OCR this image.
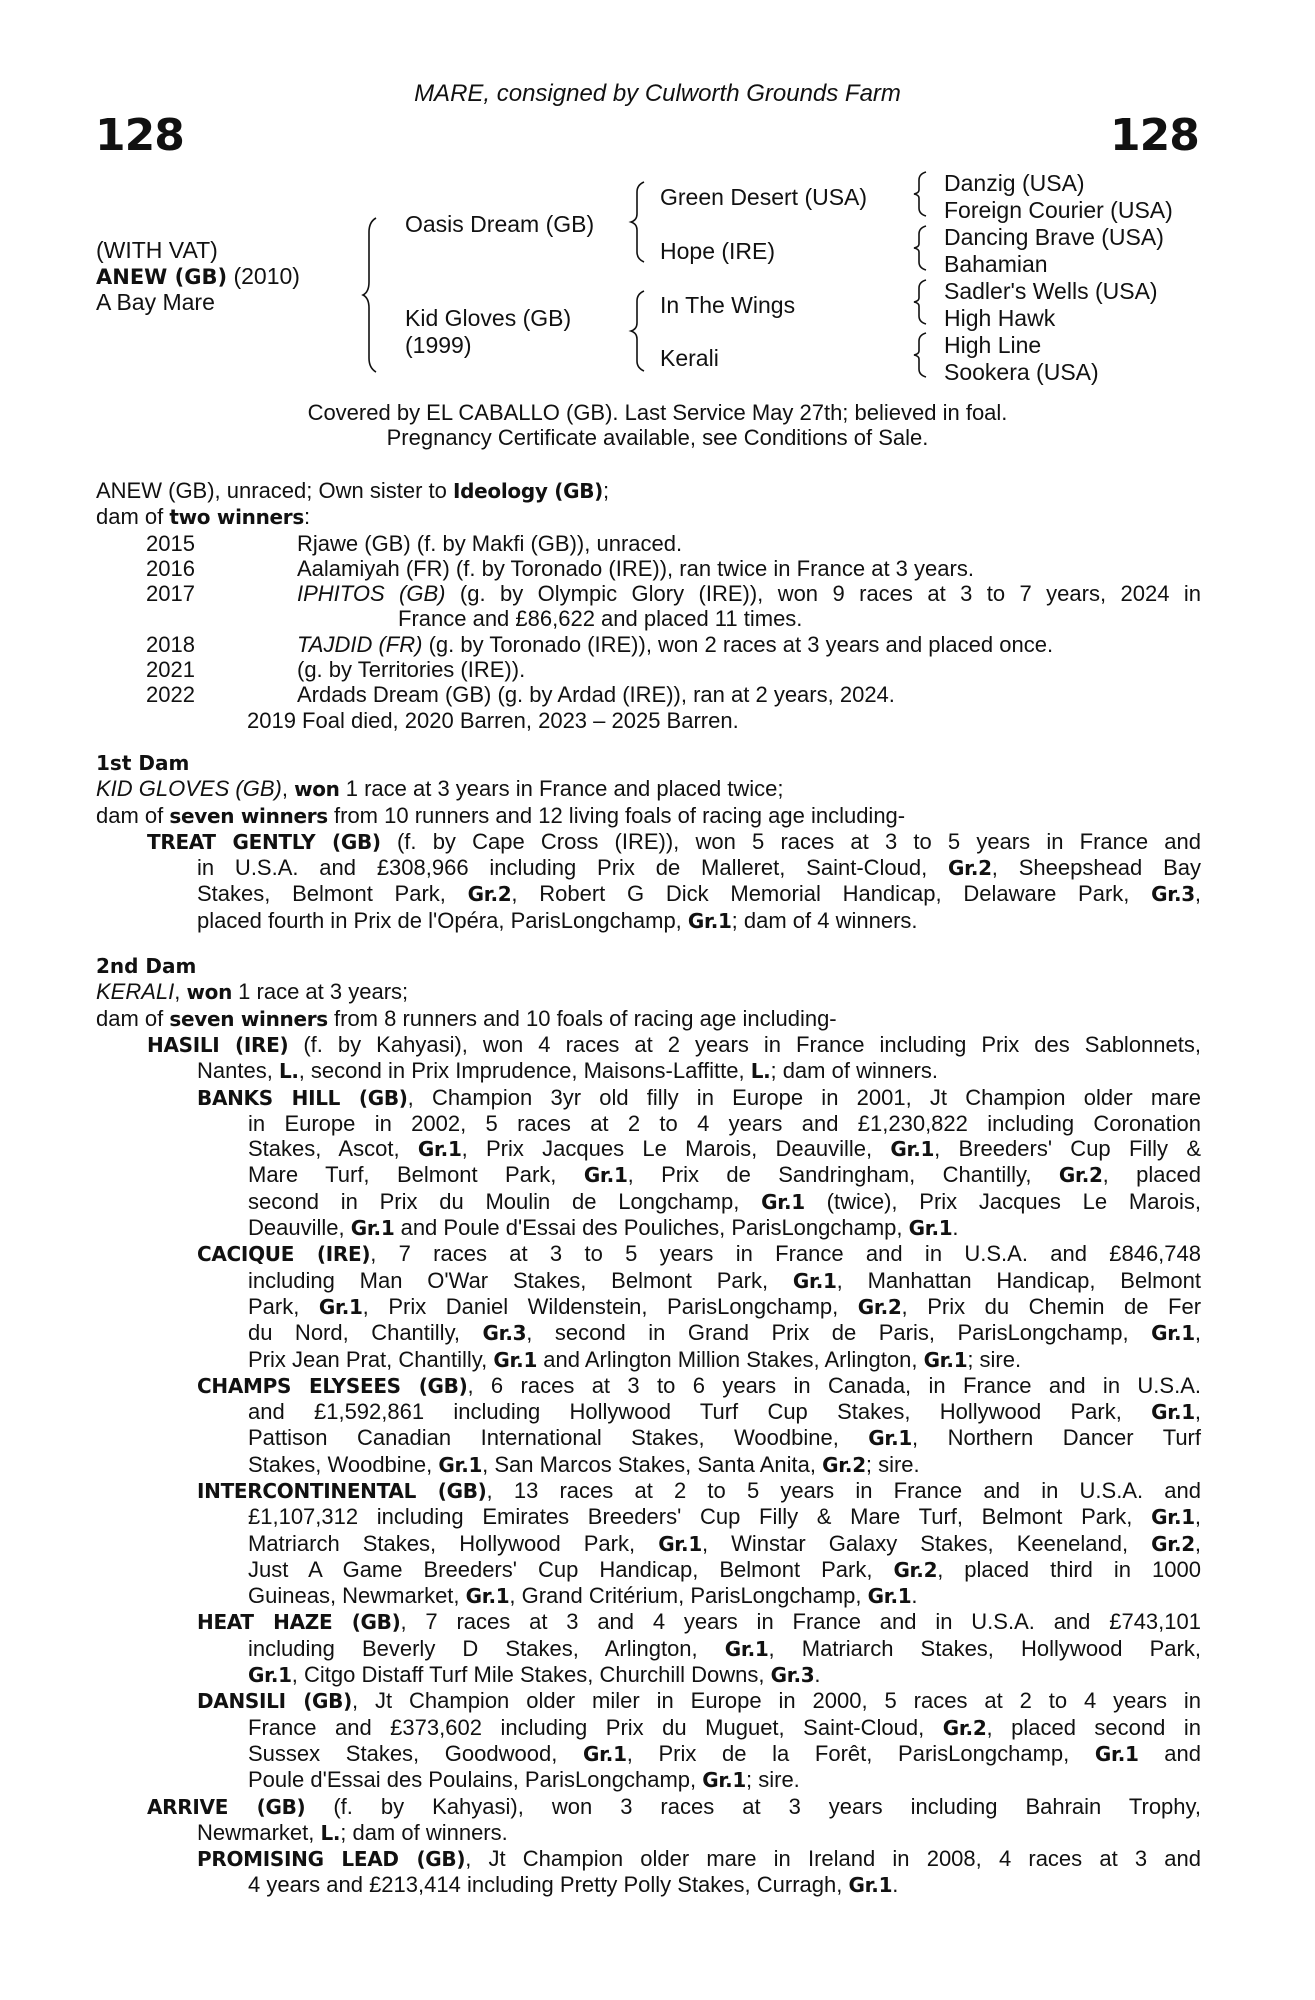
MARE, consigned by Culworth Grounds Farm
128	128
(WITH VAT)
ANEW (GB) (2010)
A Bay Mare
Oasis Dream (GB)
Kid Gloves (GB)
(1999)
Green Desert (USA)
Hope (IRE)
In The Wings
Kerali
Danzig (USA)
Foreign Courier (USA)
Dancing Brave (USA)
Bahamian
Sadler's Wells (USA)
High Hawk
High Line
Sookera (USA)
Covered by EL CABALLO (GB). Last Service May 27th; believed in foal.
Pregnancy Certificate available, see Conditions of Sale.
ANEW (GB), unraced; Own sister to Ideology (GB);
dam of two winners:
2015	Rjawe (GB) (f. by Makfi (GB)), unraced.
2016	Aalamiyah (FR) (f. by Toronado (IRE)), ran twice in France at 3 years.
2017	IPHITOS (GB) (g. by Olympic Glory (IRE)), won 9 races at 3 to 7 years, 2024 in
France and £86,622 and placed 11 times.
2018	TAJDID (FR) (g. by Toronado (IRE)), won 2 races at 3 years and placed once.
2021	(g. by Territories (IRE)).
2022	Ardads Dream (GB) (g. by Ardad (IRE)), ran at 2 years, 2024.
2019 Foal died, 2020 Barren, 2023 – 2025 Barren.
1st Dam
KID GLOVES (GB), won 1 race at 3 years in France and placed twice;
dam of seven winners from 10 runners and 12 living foals of racing age including-
TREAT GENTLY (GB) (f. by Cape Cross (IRE)), won 5 races at 3 to 5 years in France and
in U.S.A. and £308,966 including Prix de Malleret, Saint-Cloud, Gr.2, Sheepshead Bay
Stakes, Belmont Park, Gr.2, Robert G Dick Memorial Handicap, Delaware Park, Gr.3,
placed fourth in Prix de l'Opéra, ParisLongchamp, Gr.1; dam of 4 winners.
2nd Dam
KERALI, won 1 race at 3 years;
dam of seven winners from 8 runners and 10 foals of racing age including-
HASILI (IRE) (f. by Kahyasi), won 4 races at 2 years in France including Prix des Sablonnets,
Nantes, L., second in Prix Imprudence, Maisons-Laffitte, L.; dam of winners.
BANKS HILL (GB), Champion 3yr old filly in Europe in 2001, Jt Champion older mare
in Europe in 2002, 5 races at 2 to 4 years and £1,230,822 including Coronation
Stakes, Ascot, Gr.1, Prix Jacques Le Marois, Deauville, Gr.1, Breeders' Cup Filly &
Mare Turf, Belmont Park, Gr.1, Prix de Sandringham, Chantilly, Gr.2, placed
second in Prix du Moulin de Longchamp, Gr.1 (twice), Prix Jacques Le Marois,
Deauville, Gr.1 and Poule d'Essai des Pouliches, ParisLongchamp, Gr.1.
CACIQUE (IRE), 7 races at 3 to 5 years in France and in U.S.A. and £846,748
including Man O'War Stakes, Belmont Park, Gr.1, Manhattan Handicap, Belmont
Park, Gr.1, Prix Daniel Wildenstein, ParisLongchamp, Gr.2, Prix du Chemin de Fer
du Nord, Chantilly, Gr.3, second in Grand Prix de Paris, ParisLongchamp, Gr.1,
Prix Jean Prat, Chantilly, Gr.1 and Arlington Million Stakes, Arlington, Gr.1; sire.
CHAMPS ELYSEES (GB), 6 races at 3 to 6 years in Canada, in France and in U.S.A.
and £1,592,861 including Hollywood Turf Cup Stakes, Hollywood Park, Gr.1,
Pattison Canadian International Stakes, Woodbine, Gr.1, Northern Dancer Turf
Stakes, Woodbine, Gr.1, San Marcos Stakes, Santa Anita, Gr.2; sire.
INTERCONTINENTAL (GB), 13 races at 2 to 5 years in France and in U.S.A. and
£1,107,312 including Emirates Breeders' Cup Filly & Mare Turf, Belmont Park, Gr.1,
Matriarch Stakes, Hollywood Park, Gr.1, Winstar Galaxy Stakes, Keeneland, Gr.2,
Just A Game Breeders' Cup Handicap, Belmont Park, Gr.2, placed third in 1000
Guineas, Newmarket, Gr.1, Grand Critérium, ParisLongchamp, Gr.1.
HEAT HAZE (GB), 7 races at 3 and 4 years in France and in U.S.A. and £743,101
including Beverly D Stakes, Arlington, Gr.1, Matriarch Stakes, Hollywood Park,
Gr.1, Citgo Distaff Turf Mile Stakes, Churchill Downs, Gr.3.
DANSILI (GB), Jt Champion older miler in Europe in 2000, 5 races at 2 to 4 years in
France and £373,602 including Prix du Muguet, Saint-Cloud, Gr.2, placed second in
Sussex Stakes, Goodwood, Gr.1, Prix de la Forêt, ParisLongchamp, Gr.1 and
Poule d'Essai des Poulains, ParisLongchamp, Gr.1; sire.
ARRIVE (GB) (f. by Kahyasi), won 3 races at 3 years including Bahrain Trophy,
Newmarket, L.; dam of winners.
PROMISING LEAD (GB), Jt Champion older mare in Ireland in 2008, 4 races at 3 and
4 years and £213,414 including Pretty Polly Stakes, Curragh, Gr.1.
